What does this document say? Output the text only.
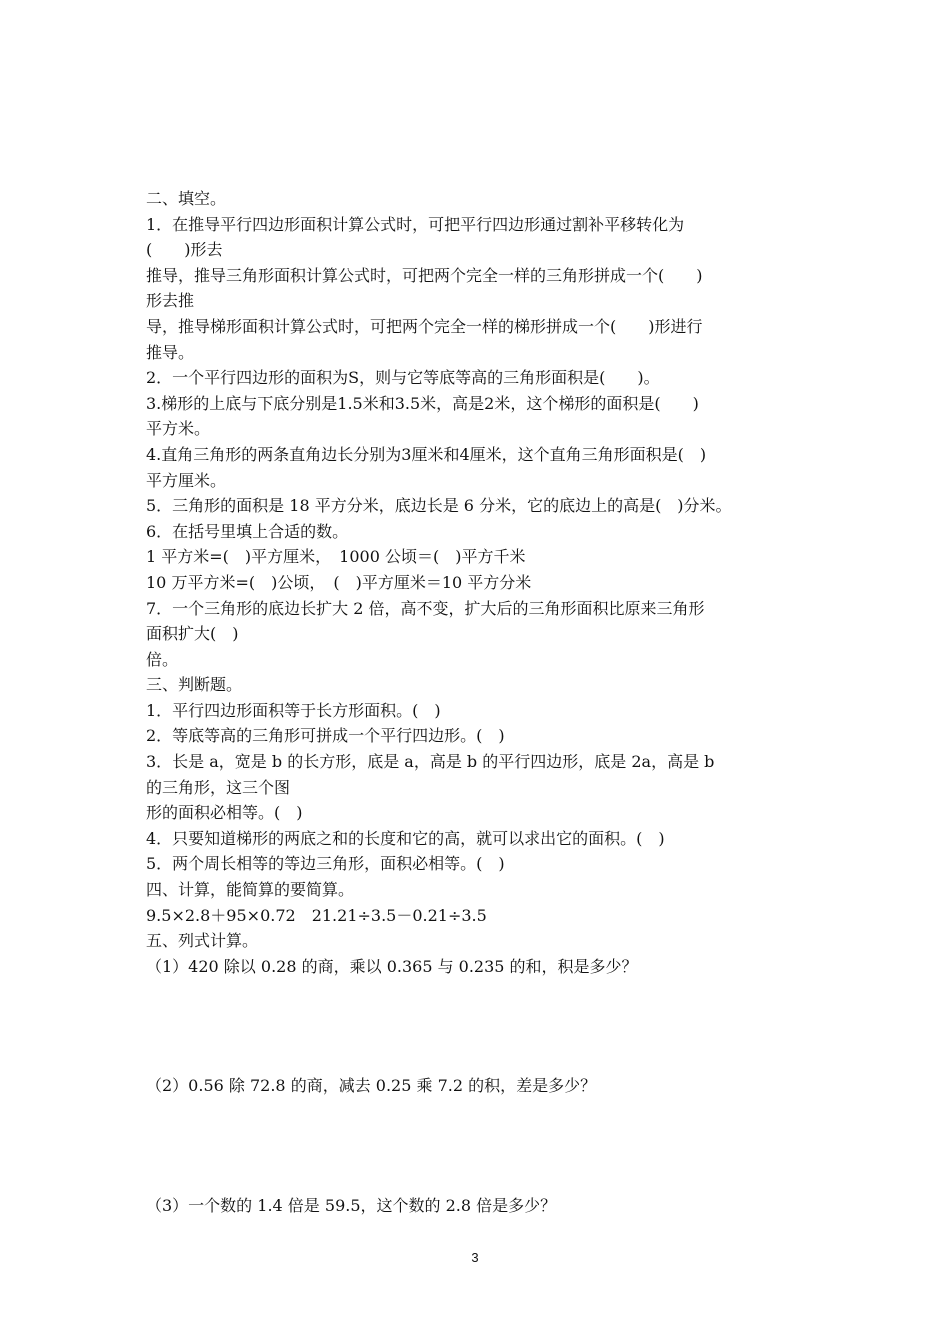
二、填空。
1．在推导平行四边形面积计算公式时，可把平行四边形通过割补平移转化为
(　　)形去
推导，推导三角形面积计算公式时，可把两个完全一样的三角形拼成一个(　　)
形去推
导，推导梯形面积计算公式时，可把两个完全一样的梯形拼成一个(　　)形进行
推导。
2．一个平行四边形的面积为S，则与它等底等高的三角形面积是(　　)。
3.梯形的上底与下底分别是1.5米和3.5米，高是2米，这个梯形的面积是(　　)
平方米。
4.直角三角形的两条直角边长分别为3厘米和4厘米，这个直角三角形面积是(　)
平方厘米。
5．三角形的面积是 18 平方分米，底边长是 6 分米，它的底边上的高是(　)分米。
6．在括号里填上合适的数。
1 平方米=(　)平方厘米，　1000 公顷＝(　)平方千米
10 万平方米=(　)公顷，　(　)平方厘米＝10 平方分米
7．一个三角形的底边长扩大 2 倍，高不变，扩大后的三角形面积比原来三角形
面积扩大(　)
倍。
三、判断题。
1．平行四边形面积等于长方形面积。(　)
2．等底等高的三角形可拼成一个平行四边形。(　)
3．长是 a，宽是 b 的长方形，底是 a，高是 b 的平行四边形，底是 2a，高是 b
的三角形，这三个图
形的面积必相等。(　)
4．只要知道梯形的两底之和的长度和它的高，就可以求出它的面积。(　)
5．两个周长相等的等边三角形，面积必相等。(　)
四、计算，能简算的要简算。
9.5×2.8＋95×0.72　21.21÷3.5－0.21÷3.5
五、列式计算。
（1）420 除以 0.28 的商，乘以 0.365 与 0.235 的和，积是多少？
（2）0.56 除 72.8 的商，减去 0.25 乘 7.2 的积，差是多少？
（3）一个数的 1.4 倍是 59.5，这个数的 2.8 倍是多少？
3
